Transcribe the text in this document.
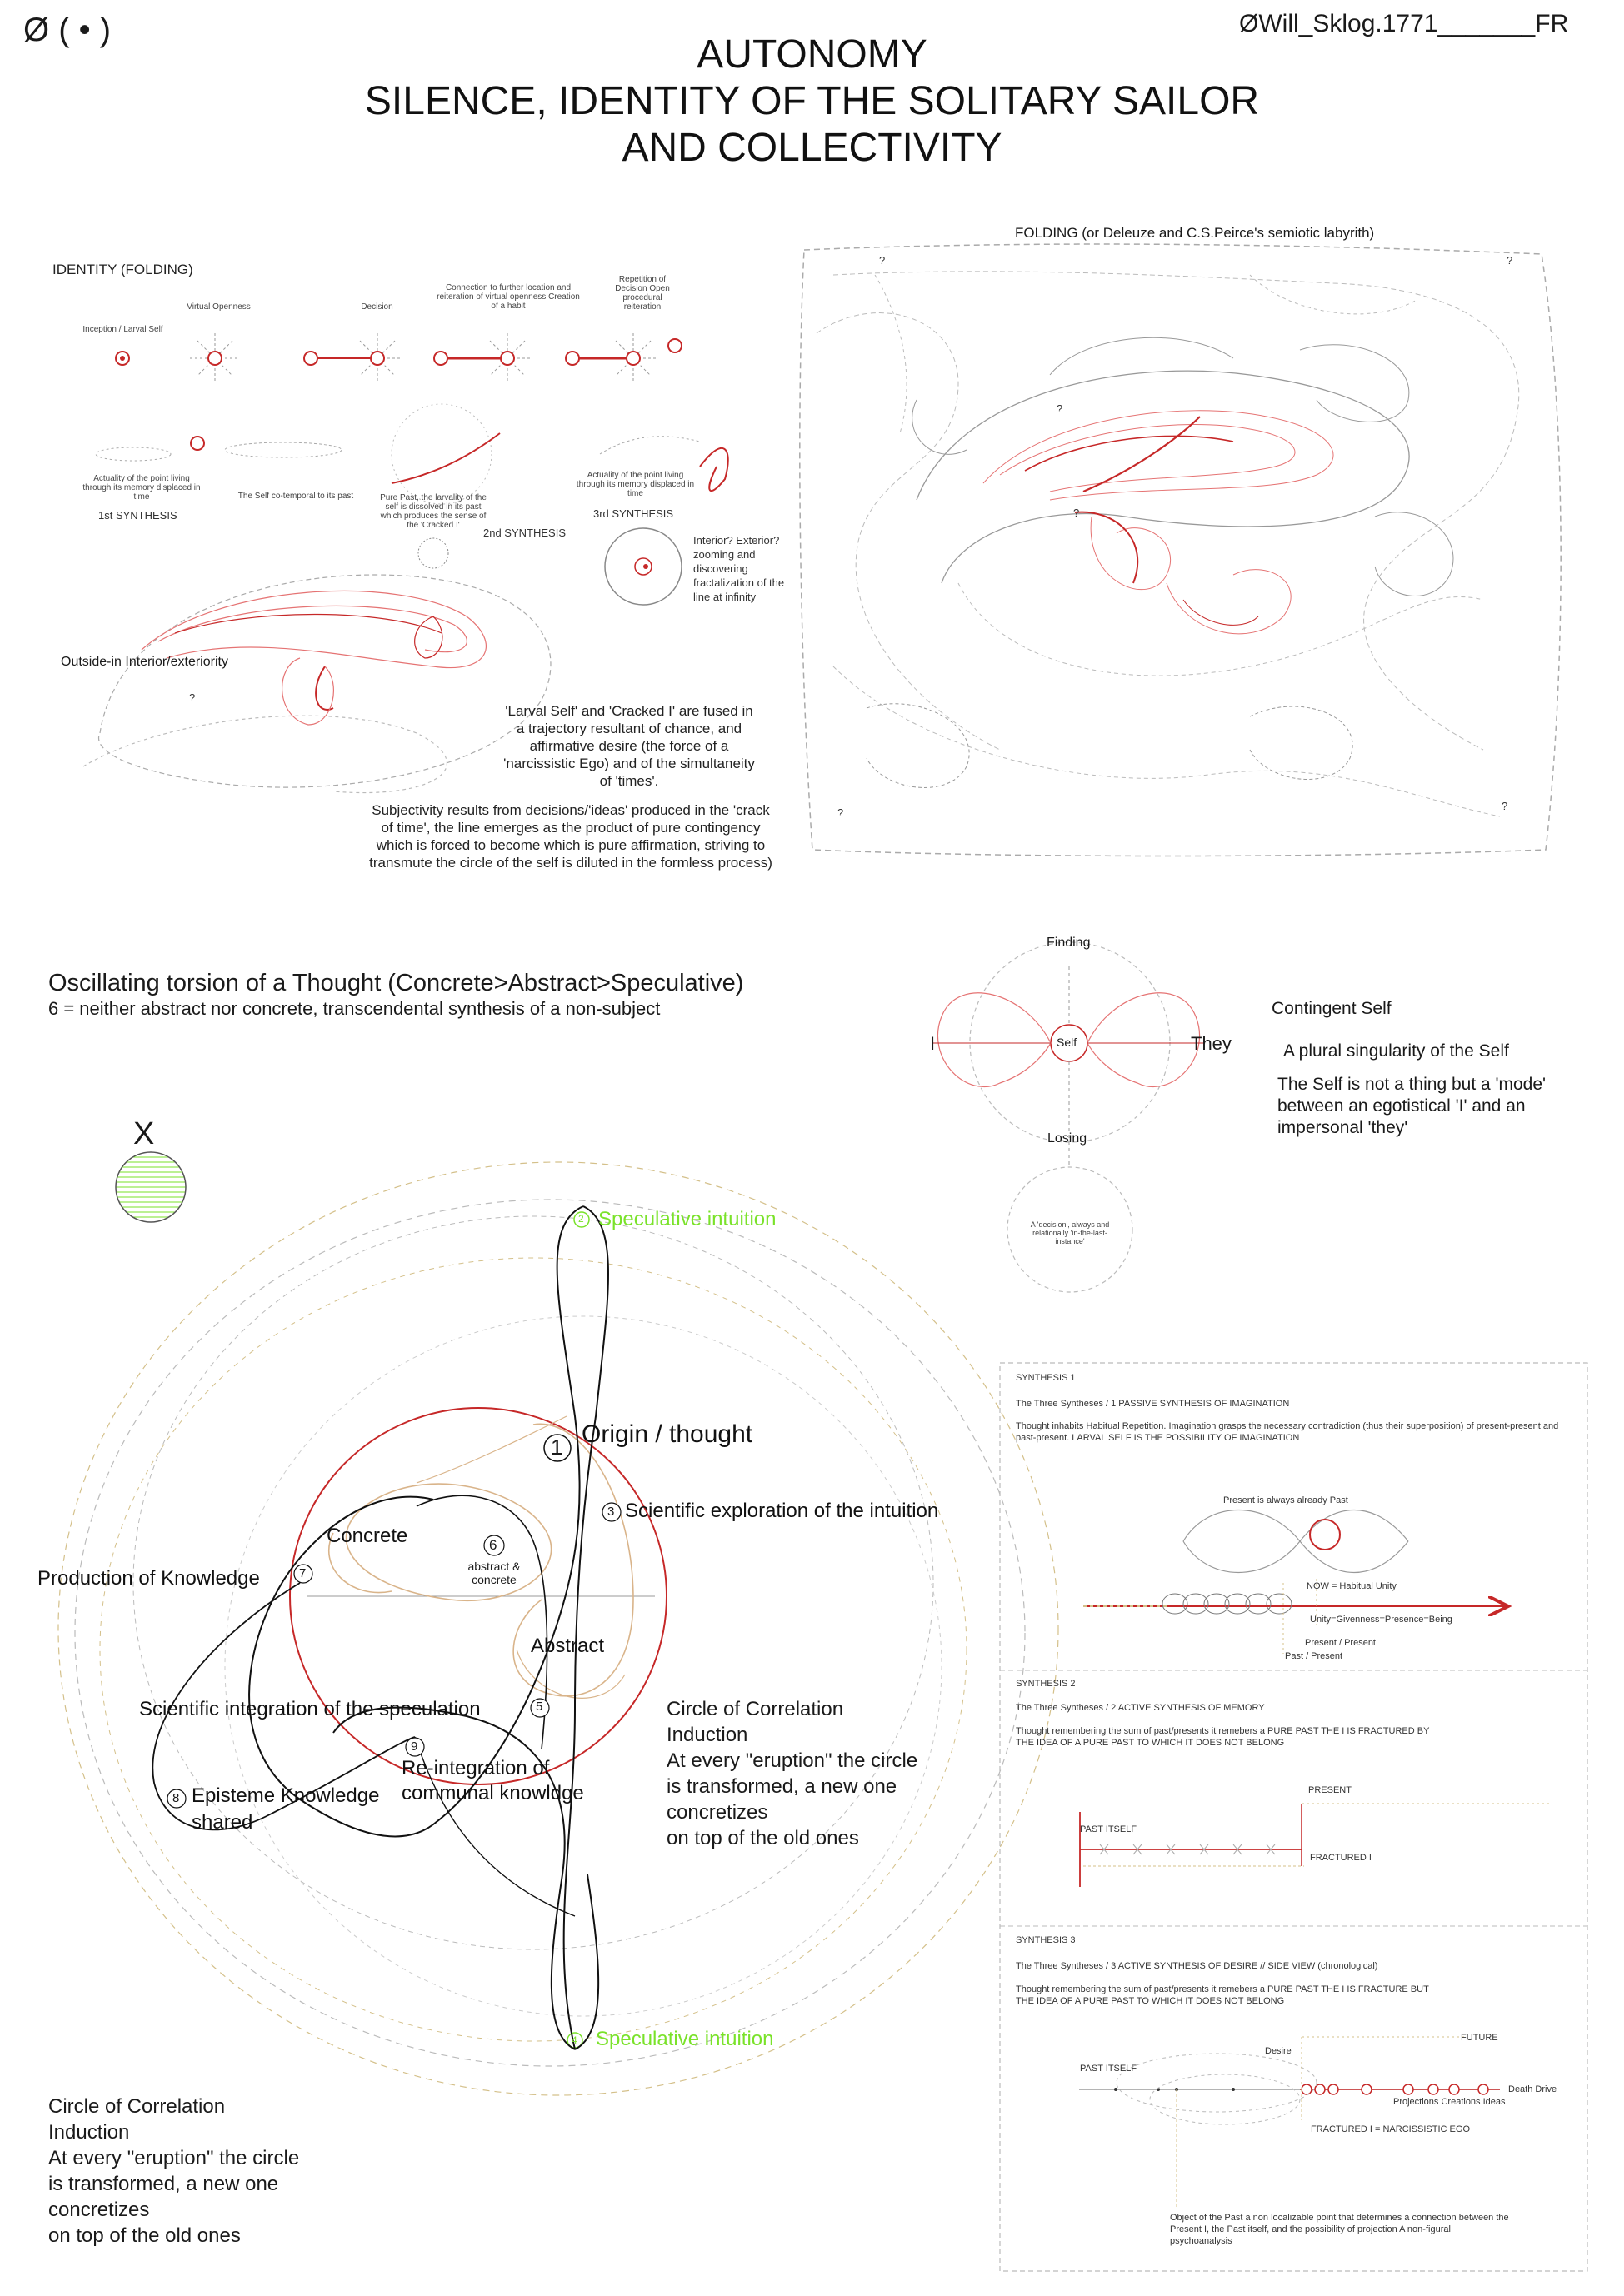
Ø ( • )	ØWill_Sklog.1771_______FR
AUTONOMY
SILENCE, IDENTITY OF THE SOLITARY SAILOR
AND COLLECTIVITY
IDENTITY (FOLDING)
Inception / Larval Self
Virtual Openness	Decision
Connection to further location and reiteration of virtual openness Creation of a habit
Repetition of Decision Open procedural reiteration
Actuality of the point living through its memory displaced in time
1st SYNTHESIS
The Self co-temporal to its past	Pure Past, the larvality of the self is dissolved in its past which produces the sense of the 'Cracked I'
2nd SYNTHESIS
Actuality of the point living through its memory displaced in time
3rd SYNTHESIS
Interior? Exterior? zooming and discovering fractalization of the line at infinity
Outside-in Interior/exteriority
?
'Larval Self' and 'Cracked I' are fused in a trajectory resultant of chance, and affirmative desire (the force of a 'narcissistic Ego) and of the simultaneity of 'times'.
Subjectivity results from decisions/'ideas' produced in the 'crack of time', the line emerges as the product of pure contingency which is forced to become which is pure affirmation, striving to transmute the circle of the self is diluted in the formless process)
FOLDING (or Deleuze and C.S.Peirce's semiotic labyrith)
?	?
?
?
?
?
Oscillating torsion of a Thought (Concrete>Abstract>Speculative)
6 = neither abstract nor concrete, transcendental synthesis of a non-subject
X
2 Speculative intuition
4 Speculative intuition
1 Origin / thought
3 Scientific exploration of the intuition
Concrete	6
abstract & concrete
7
Production of Knowledge
Abstract
5
Scientific integration of the speculation
9
Re-integration of communal knowldge
8 Episteme Knowledge shared
Circle of Correlation
Induction
At every "eruption" the circle
is transformed, a new one
concretizes
on top of the old ones
Circle of Correlation
Induction
At every "eruption" the circle
is transformed, a new one
concretizes
on top of the old ones
Finding
Self
I	They
Losing
A 'decision', always and relationally 'in-the-last-instance'
Contingent Self
A plural singularity of the Self
The Self is not a thing but a 'mode' between an egotistical 'I' and an impersonal 'they'
SYNTHESIS 1
The Three Syntheses / 1 PASSIVE SYNTHESIS OF IMAGINATION
Thought inhabits Habitual Repetition. Imagination grasps the necessary contradiction (thus their superposition) of present-present and past-present. LARVAL SELF IS THE POSSIBILITY OF IMAGINATION
Present is always already Past
NOW = Habitual Unity
Unity=Givenness=Presence=Being
Present / Present
Past / Present
SYNTHESIS 2
The Three Syntheses / 2 ACTIVE SYNTHESIS OF MEMORY
Thought remembering the sum of past/presents it remebers a PURE PAST THE I IS FRACTURED BY THE IDEA OF A PURE PAST TO WHICH IT DOES NOT BELONG
PRESENT
PAST ITSELF
FRACTURED I
SYNTHESIS 3
The Three Syntheses / 3 ACTIVE SYNTHESIS OF DESIRE // SIDE VIEW (chronological)
Thought remembering the sum of past/presents it remebers a PURE PAST THE I IS FRACTURE BUT THE IDEA OF A PURE PAST TO WHICH IT DOES NOT BELONG
FUTURE
Desire
PAST ITSELF
Death Drive
Projections Creations Ideas
FRACTURED I = NARCISSISTIC EGO
Object of the Past a non localizable point that determines a connection between the Present I, the Past itself, and the possibility of projection A non-figural psychoanalysis
